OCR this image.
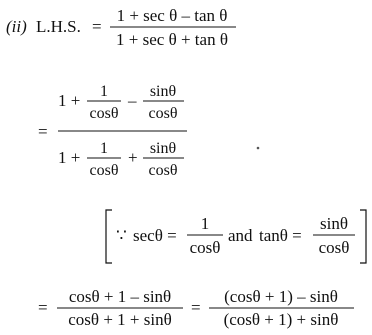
(ii) L.H.S. =
1 + sec θ – tan θ
1 + sec θ + tan θ
=
1 + 1
cosθ
– sinθ
cosθ
1 + 1
cosθ
+ sinθ
cosθ
∵ secθ =
1
cosθ
and tanθ =
sinθ
cosθ
=
cosθ + 1 – sinθ
cosθ + 1 + sinθ
=
(cosθ + 1) – sinθ
(cosθ + 1) + sinθ
